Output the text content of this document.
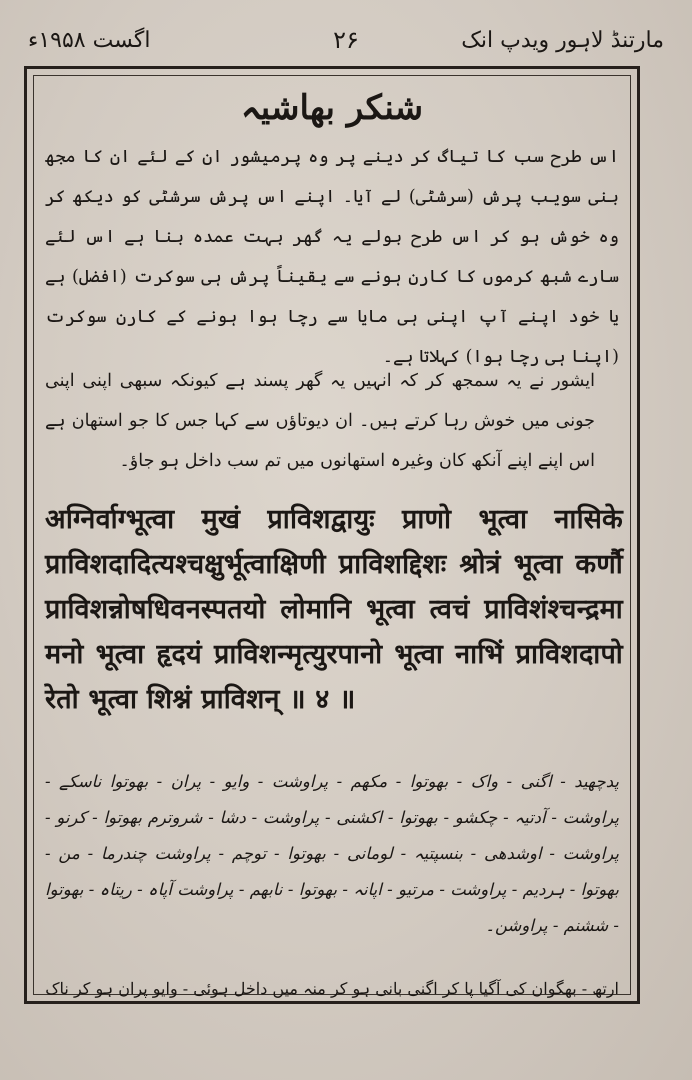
اگست ۱۹۵۸ء	۲۶	مارتنڈ لاہور ویدپ انک
شنکر بھاشیہ

اس طرح سب کا تیاگ کر دینے پر وہ پرمیشور ان کے لئے ان کا مجھ بنی سویب پرش (سرشٹی) لے آیا۔ اپنے اس پرش سرشٹی کو دیکھ کر وہ خوش ہو کر اس طرح بولے یہ گھر بہت عمدہ بنا ہے اس لئے سارے شبھ کرموں کا کارن ہونے سے یقیناً پرش ہی سوکرت (افضل) ہے یا خود اپنے آپ اپنی ہی مایا سے رچا ہوا ہونے کے کارن سوکرت (اپنا ہی رچا ہوا) کہلاتا ہے۔

ایشور نے یہ سمجھ کر کہ انہیں یہ گھر پسند ہے کیونکہ سبھی اپنی اپنی جونی میں خوش رہا کرتے ہیں۔ ان دیوتاؤں سے کہا جس کا جو استھان ہے اس اپنے اپنے آنکھ کان وغیرہ استھانوں میں تم سب داخل ہو جاؤ۔

अग्निर्वाग्भूत्वा मुखं प्राविशद्वायुः प्राणो भूत्वा नासिके प्राविशदादित्यश्चक्षुर्भूत्वाक्षिणी प्राविशद्दिशः श्रोत्रं भूत्वा कर्णौ प्राविशन्नोषधिवनस्पतयो लोमानि भूत्वा त्वचं प्राविशंश्चन्द्रमा मनो भूत्वा हृदयं प्राविशन्मृत्युरपानो भूत्वा नाभिं प्राविशदापो रेतो भूत्वा शिश्नं प्राविशन् ॥ ४ ॥

پدچھید - اگنی - واک - بھوتوا - مکھم - پراوشت - وایو - پران - بھوتوا ناسکے - پراوشت - آدتیہ - چکشو - بھوتوا - اکشنی - پراوشت - دشا - شروترم بھوتوا - کرنو - پراوشت - اوشدھی - بنسپتیہ - لومانی - بھوتوا - توچم - پراوشت چندرما - من - بھوتوا - ہردیم - پراوشت - مرتیو - اپانہ - بھوتوا - نابھم - پراوشت آپاہ - ریتاہ - بھوتوا - ششنم - پراوشن۔

ارتھ - بھگوان کی آگیا پا کر اگنی بانی ہو کر منہ میں داخل ہوئی - وایو پران ہو کر ناک
